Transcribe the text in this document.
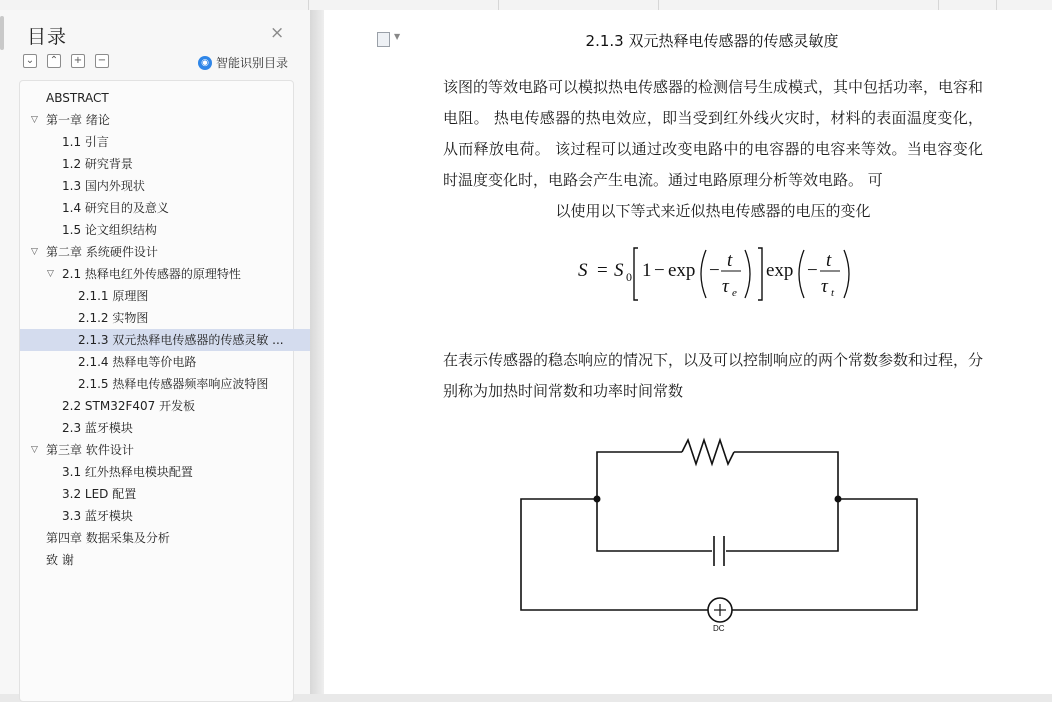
目录	×
⌄ ⌃ + −	◉ 智能识别目录
ABSTRACT
▽ 第一章 绪论
1.1 引言
1.2 研究背景
1.3 国内外现状
1.4 研究目的及意义
1.5 论文组织结构
▽ 第二章 系统硬件设计
▽ 2.1 热释电红外传感器的原理特性
2.1.1 原理图
2.1.2 实物图
2.1.3 双元热释电传感器的传感灵敏 ...
2.1.4 热释电等价电路
2.1.5 热释电传感器频率响应波特图
2.2 STM32F407 开发板
2.3 蓝牙模块
▽ 第三章 软件设计
3.1 红外热释电模块配置
3.2 LED 配置
3.3 蓝牙模块
第四章 数据采集及分析
致 谢
▼	2.1.3 双元热释电传感器的传感灵敏度
该图的等效电路可以模拟热电传感器的检测信号生成模式，其中包括功率，电容和电阻。 热电传感器的热电效应，即当受到红外线火灾时，材料的表面温度变化，从而释放电荷。 该过程可以通过改变电路中的电容器的电容来等效。当电容变化时温度变化时，电路会产生电流。通过电路原理分析等效电路。 可
以使用以下等式来近似热电传感器的电压的变化
S = S 0 1 − exp − t
τ e
exp − t
τ t
在表示传感器的稳态响应的情况下，以及可以控制响应的两个常数参数和过程，分别称为加热时间常数和功率时间常数
DC
